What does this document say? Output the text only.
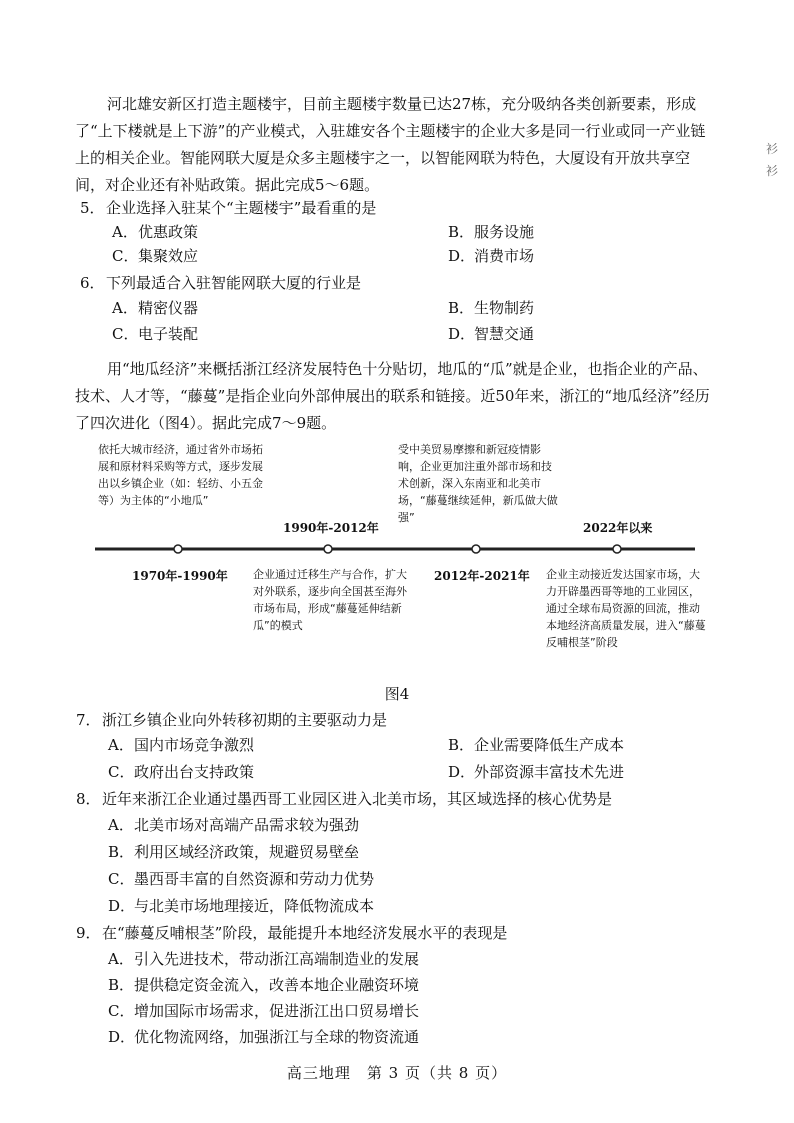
河北雄安新区打造主题楼宇，目前主题楼宇数量已达27栋，充分吸纳各类创新要素，形成了“上下楼就是上下游”的产业模式，入驻雄安各个主题楼宇的企业大多是同一行业或同一产业链上的相关企业。智能网联大厦是众多主题楼宇之一，以智能网联为特色，大厦设有开放共享空间，对企业还有补贴政策。据此完成5～6题。

衫
衫
5．企业选择入驻某个“主题楼宇”最看重的是
A．优惠政策	B．服务设施
C．集聚效应	D．消费市场
6．下列最适合入驻智能网联大厦的行业是
A．精密仪器	B．生物制药
C．电子装配	D．智慧交通

用“地瓜经济”来概括浙江经济发展特色十分贴切，地瓜的“瓜”就是企业，也指企业的产品、技术、人才等，“藤蔓”是指企业向外部伸展出的联系和链接。近50年来，浙江的“地瓜经济”经历了四次进化（图4）。据此完成7～9题。

依托大城市经济，通过省外市场拓展和原材料采购等方式，逐步发展出以乡镇企业（如：轻纺、小五金等）为主体的“小地瓜”
受中美贸易摩擦和新冠疫情影响，企业更加注重外部市场和技术创新，深入东南亚和北美市场，“藤蔓继续延伸，新瓜做大做强”
企业通过迁移生产与合作，扩大对外联系，逐步向全国甚至海外市场布局，形成“藤蔓延伸结新瓜”的模式
企业主动接近发达国家市场，大力开辟墨西哥等地的工业园区，通过全球布局资源的回流，推动本地经济高质量发展，进入“藤蔓反哺根茎”阶段
1970年-1990年
1990年-2012年
2012年-2021年
2022年以来
图4
7．浙江乡镇企业向外转移初期的主要驱动力是
A．国内市场竞争激烈	B．企业需要降低生产成本
C．政府出台支持政策	D．外部资源丰富技术先进
8．近年来浙江企业通过墨西哥工业园区进入北美市场，其区域选择的核心优势是
A．北美市场对高端产品需求较为强劲
B．利用区域经济政策，规避贸易壁垒
C．墨西哥丰富的自然资源和劳动力优势
D．与北美市场地理接近，降低物流成本
9．在“藤蔓反哺根茎”阶段，最能提升本地经济发展水平的表现是
A．引入先进技术，带动浙江高端制造业的发展
B．提供稳定资金流入，改善本地企业融资环境
C．增加国际市场需求，促进浙江出口贸易增长
D．优化物流网络，加强浙江与全球的物资流通
高三地理　第 3 页（共 8 页）
